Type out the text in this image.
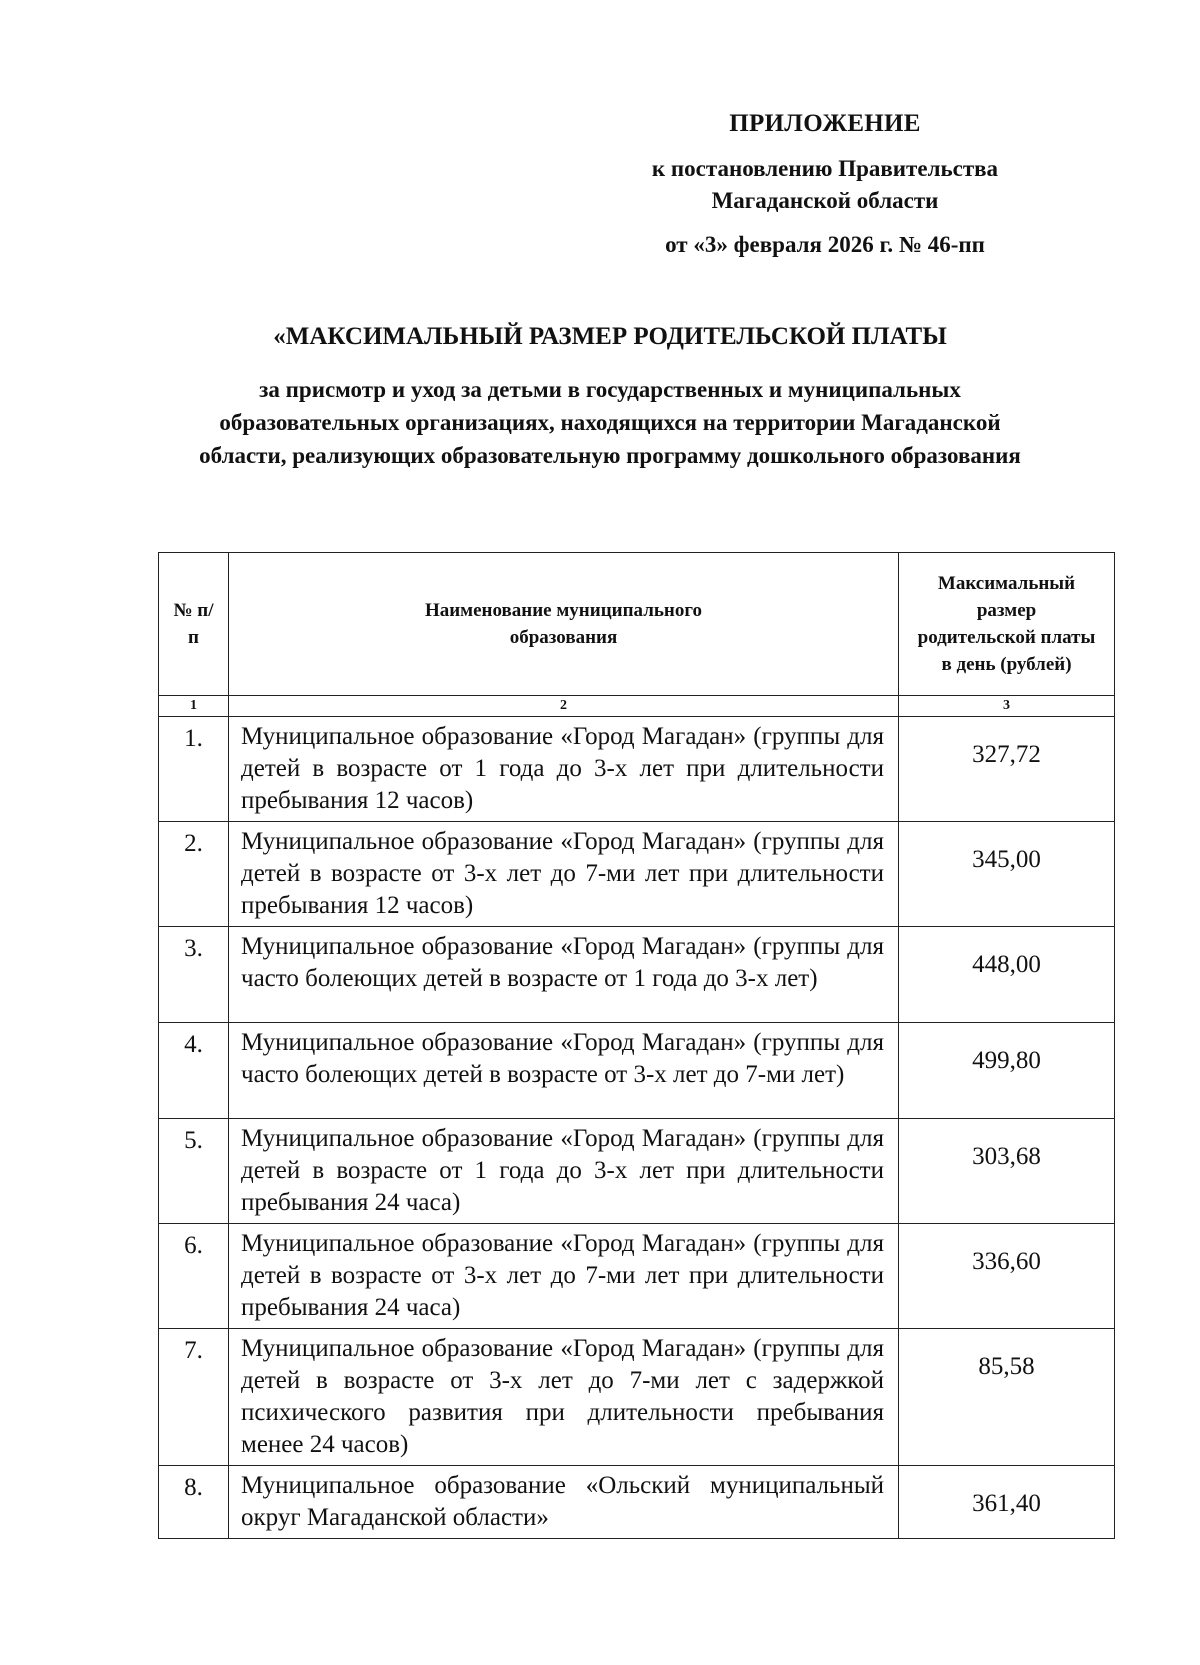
ПРИЛОЖЕНИЕ
к постановлению Правительства Магаданской области
от «3» февраля 2026 г. № 46-пп
«МАКСИМАЛЬНЫЙ РАЗМЕР РОДИТЕЛЬСКОЙ ПЛАТЫ
за присмотр и уход за детьми в государственных и муниципальных образовательных организациях, находящихся на территории Магаданской области, реализующих образовательную программу дошкольного образования
№ п/п	Наименование муниципального образования	Максимальный размер родительской платы в день (рублей)
1	2	3
1.	Муниципальное образование «Город Магадан» (группы для детей в возрасте от 1 года до 3-х лет при длительности пребывания 12 часов)	327,72
2.	Муниципальное образование «Город Магадан» (группы для детей в возрасте от 3-х лет до 7-ми лет при длительности пребывания 12 часов)	345,00
3.	Муниципальное образование «Город Магадан» (группы для часто болеющих детей в возрасте от 1 года до 3-х лет)	448,00
4.	Муниципальное образование «Город Магадан» (группы для часто болеющих детей в возрасте от 3-х лет до 7-ми лет)	499,80
5.	Муниципальное образование «Город Магадан» (группы для детей в возрасте от 1 года до 3-х лет при длительности пребывания 24 часа)	303,68
6.	Муниципальное образование «Город Магадан» (группы для детей в возрасте от 3-х лет до 7-ми лет при длительности пребывания 24 часа)	336,60
7.	Муниципальное образование «Город Магадан» (группы для детей в возрасте от 3-х лет до 7-ми лет с задержкой психического развития при длительности пребывания менее 24 часов)	85,58
8.	Муниципальное образование «Ольский муниципальный округ Магаданской области»	361,40
